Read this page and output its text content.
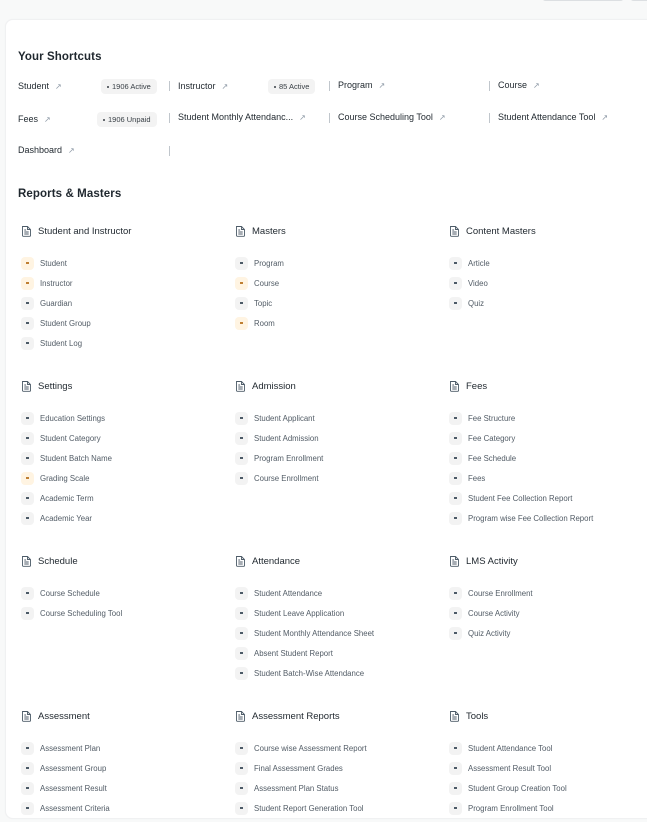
Your Shortcuts
Student ↗	1906 Active	Instructor ↗	85 Active	Program ↗	Course ↗
Fees ↗	1906 Unpaid	Student Monthly Attendanc... ↗	Course Scheduling Tool ↗	Student Attendance Tool ↗
Dashboard ↗
Reports & Masters
Student and Instructor
Student
Instructor
Guardian
Student Group
Student Log
Masters
Program
Course
Topic
Room
Content Masters
Article
Video
Quiz
Settings
Education Settings
Student Category
Student Batch Name
Grading Scale
Academic Term
Academic Year
Admission
Student Applicant
Student Admission
Program Enrollment
Course Enrollment
Fees
Fee Structure
Fee Category
Fee Schedule
Fees
Student Fee Collection Report
Program wise Fee Collection Report
Schedule
Course Schedule
Course Scheduling Tool
Attendance
Student Attendance
Student Leave Application
Student Monthly Attendance Sheet
Absent Student Report
Student Batch-Wise Attendance
LMS Activity
Course Enrollment
Course Activity
Quiz Activity
Assessment
Assessment Plan
Assessment Group
Assessment Result
Assessment Criteria
Assessment Reports
Course wise Assessment Report
Final Assessment Grades
Assessment Plan Status
Student Report Generation Tool
Tools
Student Attendance Tool
Assessment Result Tool
Student Group Creation Tool
Program Enrollment Tool
